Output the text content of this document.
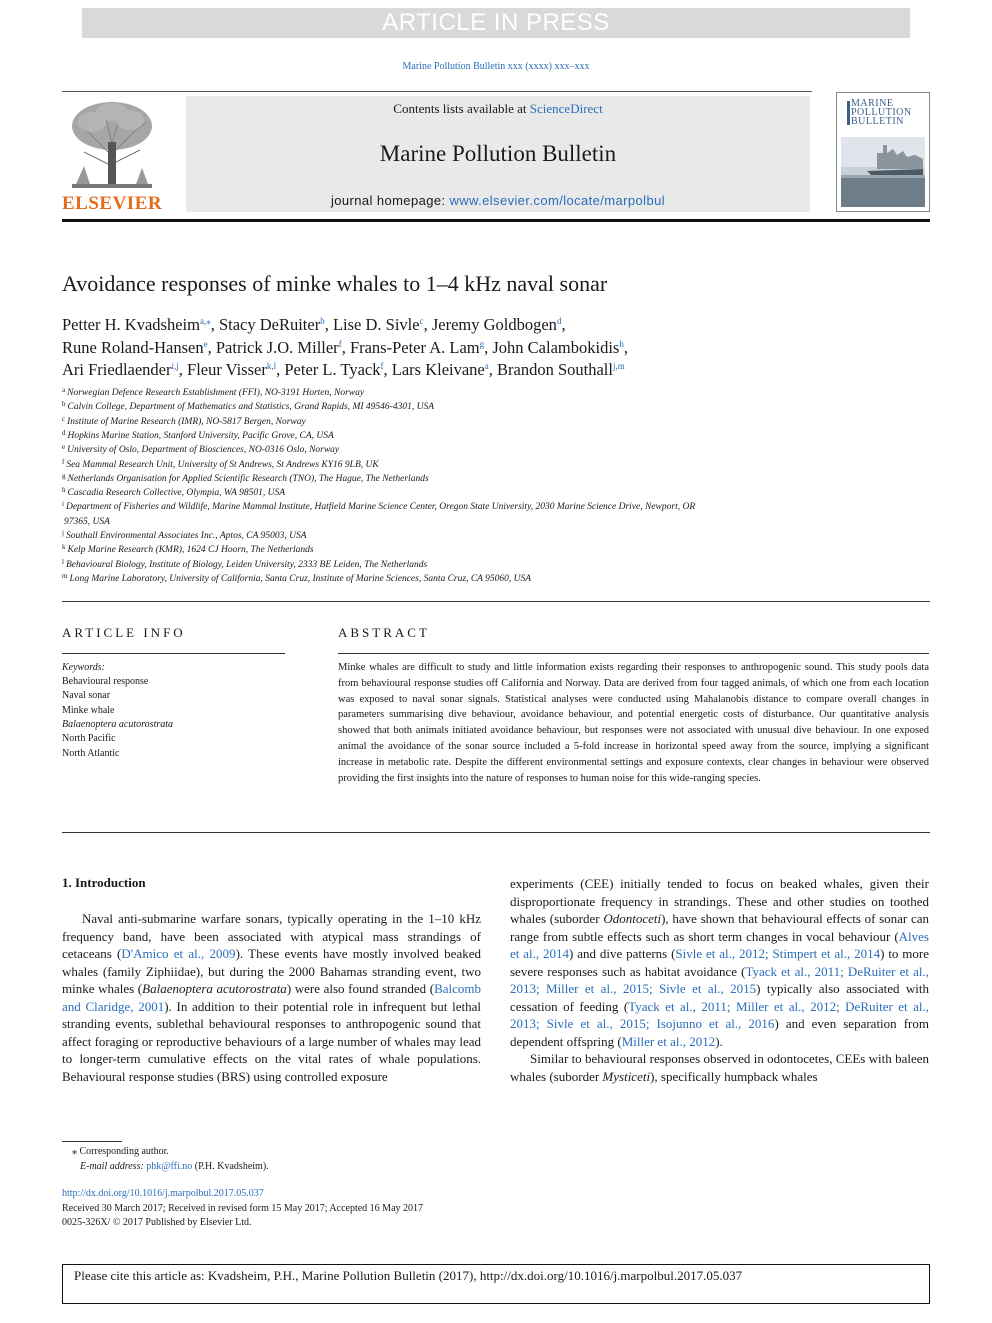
ARTICLE IN PRESS
Marine Pollution Bulletin xxx (xxxx) xxx–xxx
ELSEVIER
Contents lists available at ScienceDirect
Marine Pollution Bulletin
journal homepage: www.elsevier.com/locate/marpolbul
MARINE
POLLUTION
BULLETIN
Avoidance responses of minke whales to 1–4 kHz naval sonar
Petter H. Kvadsheim$^{a,⁎}$, Stacy DeRuiter$^b$, Lise D. Sivle$^c$, Jeremy Goldbogen$^d$,
Rune Roland-Hansen$^e$, Patrick J.O. Miller$^f$, Frans-Peter A. Lam$^g$, John Calambokidis$^h$,
Ari Friedlaender$^{i,j}$, Fleur Visser$^{k,l}$, Peter L. Tyack$^f$, Lars Kleivane$^a$, Brandon Southall$^{j,m}$
$^a$ Norwegian Defence Research Establishment (FFI), NO-3191 Horten, Norway
$^b$ Calvin College, Department of Mathematics and Statistics, Grand Rapids, MI 49546-4301, USA
$^c$ Institute of Marine Research (IMR), NO-5817 Bergen, Norway
$^d$ Hopkins Marine Station, Stanford University, Pacific Grove, CA, USA
$^e$ University of Oslo, Department of Biosciences, NO-0316 Oslo, Norway
$^f$ Sea Mammal Research Unit, University of St Andrews, St Andrews KY16 9LB, UK
$^g$ Netherlands Organisation for Applied Scientific Research (TNO), The Hague, The Netherlands
$^h$ Cascadia Research Collective, Olympia, WA 98501, USA
$^i$ Department of Fisheries and Wildlife, Marine Mammal Institute, Hatfield Marine Science Center, Oregon State University, 2030 Marine Science Drive, Newport, OR
97365, USA
$^j$ Southall Environmental Associates Inc., Aptos, CA 95003, USA
$^k$ Kelp Marine Research (KMR), 1624 CJ Hoorn, The Netherlands
$^l$ Behavioural Biology, Institute of Biology, Leiden University, 2333 BE Leiden, The Netherlands
$^m$ Long Marine Laboratory, University of California, Santa Cruz, Institute of Marine Sciences, Santa Cruz, CA 95060, USA
ARTICLE INFO
Keywords:
Behavioural response
Naval sonar
Minke whale
Balaenoptera acutorostrata
North Pacific
North Atlantic
ABSTRACT
Minke whales are difficult to study and little information exists regarding their responses to anthropogenic sound. This study pools data from behavioural response studies off California and Norway. Data are derived from four tagged animals, of which one from each location was exposed to naval sonar signals. Statistical analyses were conducted using Mahalanobis distance to compare overall changes in parameters summarising dive behaviour, avoidance behaviour, and potential energetic costs of disturbance. Our quantitative analysis showed that both animals initiated avoidance behaviour, but responses were not associated with unusual dive behaviour. In one exposed animal the avoidance of the sonar source included a 5-fold increase in horizontal speed away from the source, implying a significant increase in metabolic rate. Despite the different environmental settings and exposure contexts, clear changes in behaviour were observed providing the first insights into the nature of responses to human noise for this wide-ranging species.
1. Introduction

Naval anti-submarine warfare sonars, typically operating in the 1–10 kHz frequency band, have been associated with atypical mass strandings of cetaceans (D'Amico et al., 2009). These events have mostly involved beaked whales (family Ziphiidae), but during the 2000 Bahamas stranding event, two minke whales (Balaenoptera acutorostrata) were also found stranded (Balcomb and Claridge, 2001). In addition to their potential role in infrequent but lethal stranding events, sublethal behavioural responses to anthropogenic sound that affect foraging or reproductive behaviours of a large number of whales may lead to longer-term cumulative effects on the vital rates of whale populations. Behavioural response studies (BRS) using controlled exposure

experiments (CEE) initially tended to focus on beaked whales, given their disproportionate frequency in strandings. These and other studies on toothed whales (suborder Odontoceti), have shown that behavioural effects of sonar can range from subtle effects such as short term changes in vocal behaviour (Alves et al., 2014) and dive patterns (Sivle et al., 2012; Stimpert et al., 2014) to more severe responses such as habitat avoidance (Tyack et al., 2011; DeRuiter et al., 2013; Miller et al., 2015; Sivle et al., 2015) typically also associated with cessation of feeding (Tyack et al., 2011; Miller et al., 2012; DeRuiter et al., 2013; Sivle et al., 2015; Isojunno et al., 2016) and even separation from dependent offspring (Miller et al., 2012).

Similar to behavioural responses observed in odontocetes, CEEs with baleen whales (suborder Mysticeti), specifically humpback whales

⁎ Corresponding author.
E-mail address: phk@ffi.no (P.H. Kvadsheim).
http://dx.doi.org/10.1016/j.marpolbul.2017.05.037
Received 30 March 2017; Received in revised form 15 May 2017; Accepted 16 May 2017
0025-326X/ © 2017 Published by Elsevier Ltd.
Please cite this article as: Kvadsheim, P.H., Marine Pollution Bulletin (2017), http://dx.doi.org/10.1016/j.marpolbul.2017.05.037
